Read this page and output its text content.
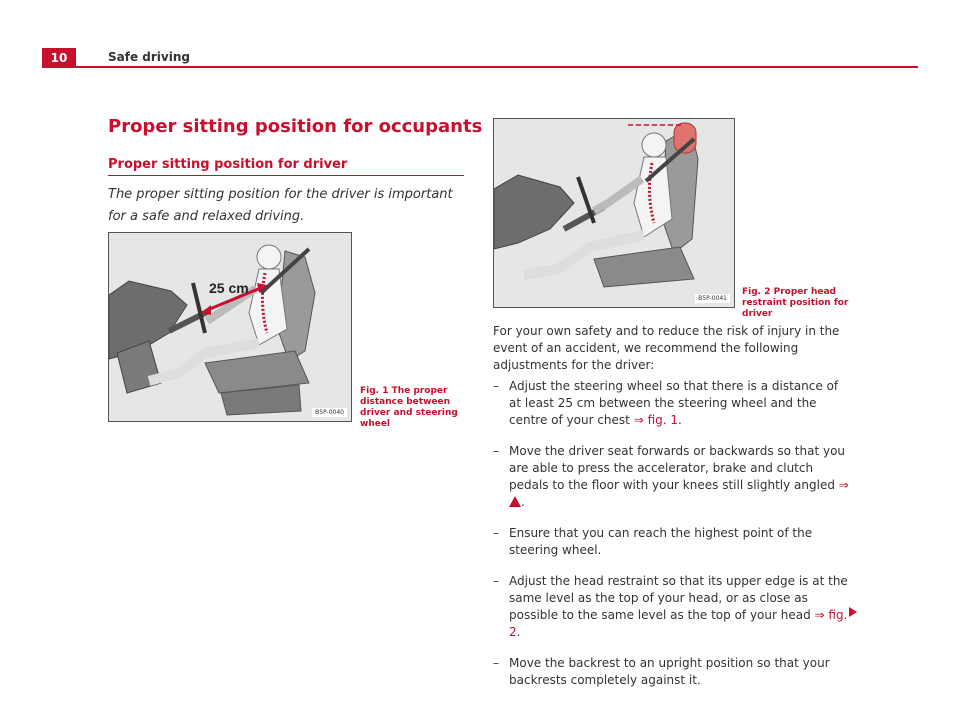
10	Safe driving
Proper sitting position for occupants
Proper sitting position for driver
The proper sitting position for the driver is important for a safe and relaxed driving.
25 cm
B5P-0040
Fig. 1 The proper distance between driver and steering wheel
B5P-0041
Fig. 2 Proper head restraint position for driver
For your own safety and to reduce the risk of injury in the event of an accident, we recommend the following adjustments for the driver:
– Adjust the steering wheel so that there is a distance of at least 25 cm between the steering wheel and the centre of your chest ⇒ fig. 1.
– Move the driver seat forwards or backwards so that you are able to press the accelerator, brake and clutch pedals to the floor with your knees still slightly angled ⇒ .
– Ensure that you can reach the highest point of the steering wheel.
– Adjust the head restraint so that its upper edge is at the same level as the top of your head, or as close as possible to the same level as the top of your head ⇒ fig. 2.
– Move the backrest to an upright position so that your backrests completely against it.
